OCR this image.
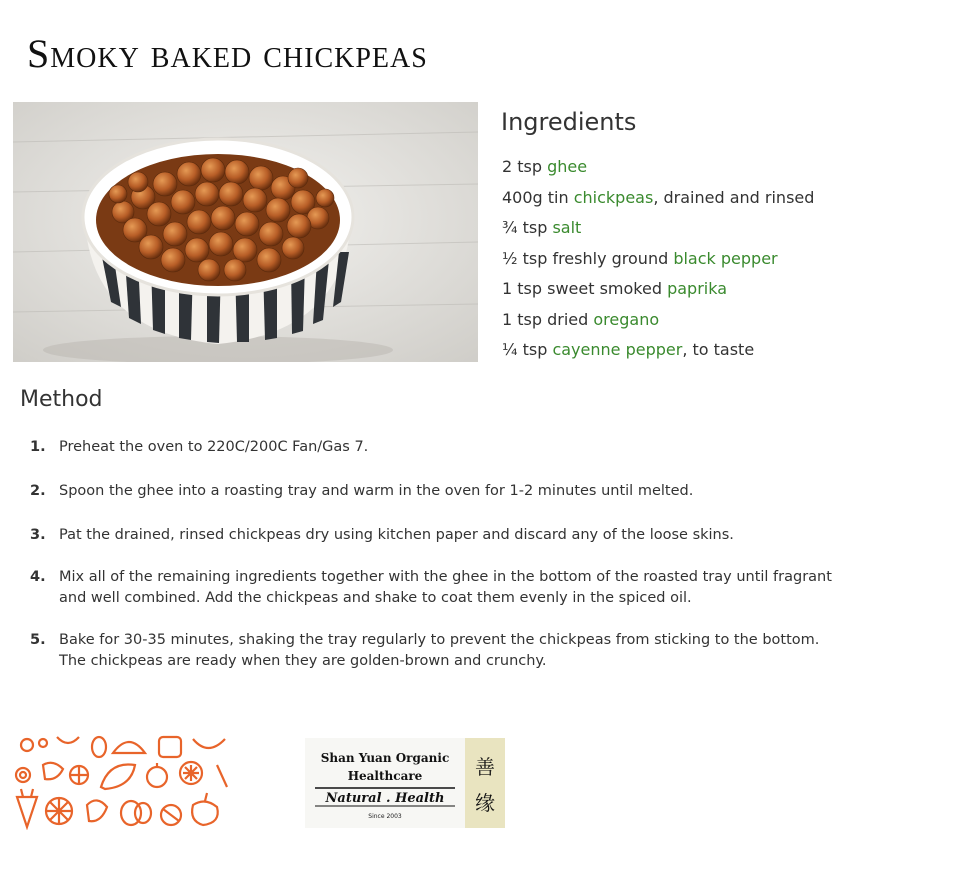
Smoky baked chickpeas
Ingredients
2 tsp ghee
400g tin chickpeas, drained and rinsed
¾ tsp salt
½ tsp freshly ground black pepper
1 tsp sweet smoked paprika
1 tsp dried oregano
¼ tsp cayenne pepper, to taste
Method
1. Preheat the oven to 220C/200C Fan/Gas 7.
2. Spoon the ghee into a roasting tray and warm in the oven for 1-2 minutes until melted.
3. Pat the drained, rinsed chickpeas dry using kitchen paper and discard any of the loose skins.
4. Mix all of the remaining ingredients together with the ghee in the bottom of the roasted tray until fragrant and well combined. Add the chickpeas and shake to coat them evenly in the spiced oil.
5. Bake for 30-35 minutes, shaking the tray regularly to prevent the chickpeas from sticking to the bottom. The chickpeas are ready when they are golden-brown and crunchy.
Shan Yuan Organic
Healthcare
Natural . Health
Since 2003
善
缘
